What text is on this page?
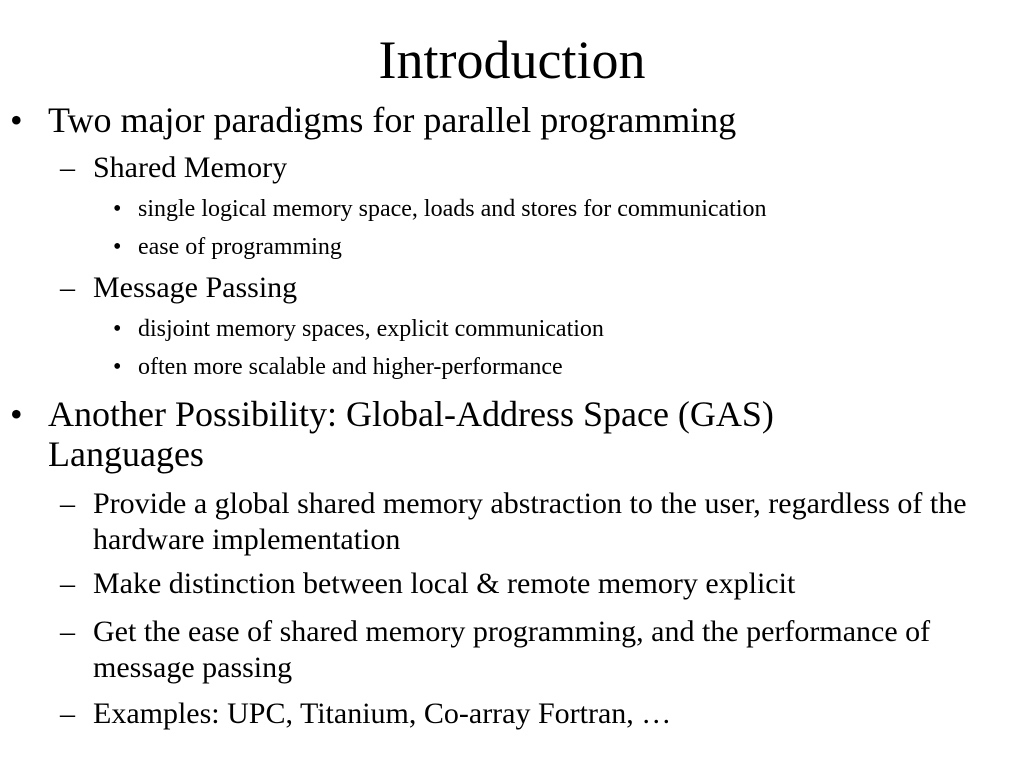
Introduction
• Two major paradigms for parallel programming
– Shared Memory
• single logical memory space, loads and stores for communication
• ease of programming
– Message Passing
• disjoint memory spaces, explicit communication
• often more scalable and higher-performance
• Another Possibility: Global-Address Space (GAS) Languages
– Provide a global shared memory abstraction to the user, regardless of the hardware implementation
– Make distinction between local & remote memory explicit
– Get the ease of shared memory programming, and the performance of message passing
– Examples: UPC, Titanium, Co-array Fortran, …
